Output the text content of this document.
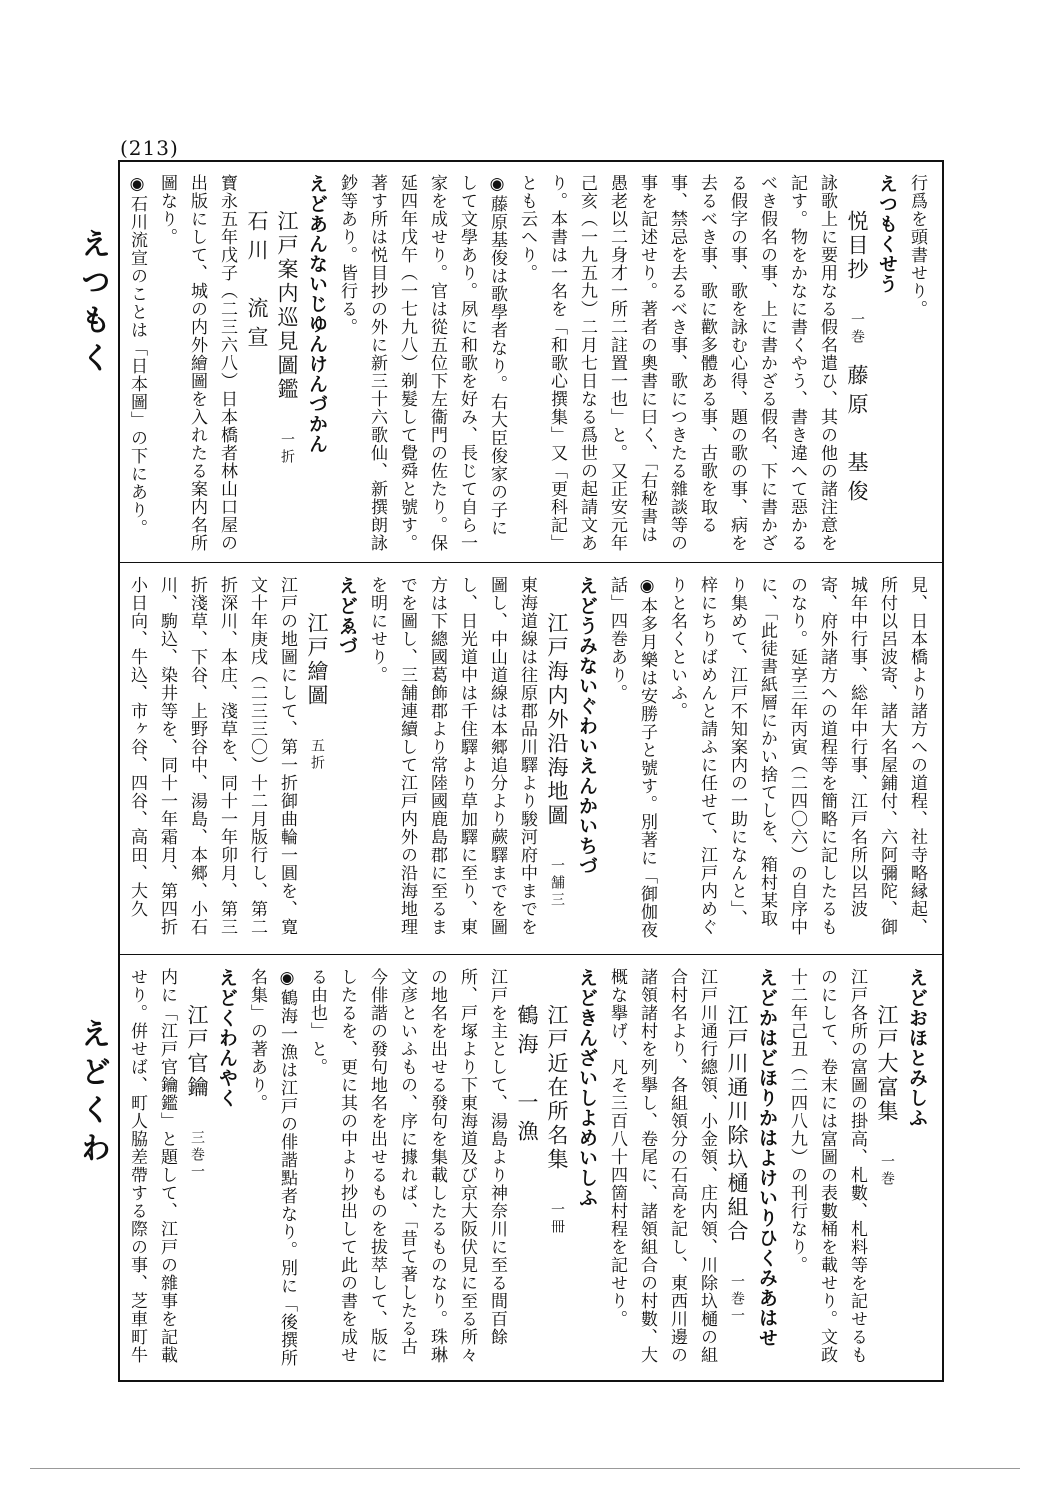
(213)
えつもく
えどくわ
行爲を頭書せり。
えつもくせう
悦目抄一巻藤原　基俊
詠歌上に要用なる假名遣ひ、其の他の諸注意を記す。物をかなに書くやう、書き違へて惡かるべき假名の事、上に書かざる假名、下に書かざる假字の事、歌を詠む心得、題の歌の事、病を去るべき事、歌に歡多體ある事、古歌を取る事、禁忌を去るべき事、歌につきたる雜談等の事を記述せり。著者の奧書に曰く、「右秘書は愚老以二身才一所二註置一也」と。又正安元年己亥（一九五九）二月七日なる爲世の起請文あり。本書は一名を「和歌心撰集」又「更科記」とも云へり。
◉藤原基俊は歌學者なり。右大臣俊家の子にして文學あり。夙に和歌を好み、長じて自ら一家を成せり。官は從五位下左衞門の佐たり。保延四年戊午（一七九八）剃髮して覺舜と號す。著す所は悦目抄の外に新三十六歌仙、新撰朗詠鈔等あり。皆行る。
えどあんないじゆんけんづかん
江戸案内巡見圖鑑一折石川　流宣
寶永五年戊子（二三六八）日本橋者林山口屋の出版にして、城の内外繪圖を入れたる案内名所圖なり。
◉石川流宣のことは「日本圖」の下にあり。
見、日本橋より諸方への道程、社寺略縁起、所付以呂波寄、諸大名屋鋪付、六阿彌陀、御城年中行事、総年中行事、江戸名所以呂波寄、府外諸方への道程等を簡略に記したるものなり。延享三年丙寅（二四〇六）の自序中に、「此徒書紙層にかい捨てしを、箱村某取り集めて、江戸不知案内の一助になんと」、梓にちりばめんと請ふに任せて、江戸内めぐりと名くといふ。
◉本多月樂は安勝子と號す。別著に「御伽夜話」四巻あり。
えどうみないぐわいえんかいちづ
江戸海内外沿海地圖一舗三
東海道線は往原郡品川驛より駿河府中までを圖し、中山道線は本郷追分より蕨驛までを圖し、日光道中は千住驛より草加驛に至り、東方は下總國葛飾郡より常陸國鹿島郡に至るまでを圖し、三舗連續して江戸内外の沿海地理を明にせり。
えどゑづ
江戸繪圖五折
江戸の地圖にして、第一折御曲輪一圓を、寛文十年庚戌（二三三〇）十二月版行し、第二折深川、本庄、淺草を、同十一年卯月、第三折淺草、下谷、上野谷中、湯島、本郷、小石川、駒込、染井等を、同十一年霜月、第四折小日向、牛込、市ヶ谷、四谷、高田、大久
えどおほとみしふ
江戸大富集一巻
江戸各所の富圖の掛高、札數、札料等を記せるものにして、卷末には富圖の表數桶を載せり。文政十二年己丑（二四八九）の刊行なり。
えどかはどほりかはよけいりひくみあはせ
江戸川通川除圦樋組合一巻一
江戸川通行總領、小金領、庄内領、川除圦樋の組合村名より、各組領分の石高を記し、東西川邊の諸領諸村を列擧し、卷尾に、諸領組合の村數、大概な擧げ、凡そ三百八十四箇村程を記せり。
えどきんざいしよめいしふ
江戸近在所名集一冊鶴海　一漁
江戸を主として、湯島より神奈川に至る間百餘所、戸塚より下東海道及び京大阪伏見に至る所々の地名を出せる發句を集載したるものなり。珠琳文彦といふもの、序に據れば、「昔て著したる古今俳諧の發句地名を出せるものを拔萃して、版にしたるを、更に其の中より抄出して此の書を成せる由也」と。
◉鶴海一漁は江戸の俳諧點者なり。別に「後撰所名集」の著あり。
えどくわんやく
江戸官鑰三巻一
内に「江戸官鑰鑑」と題して、江戸の雜事を記載せり。倂せば、町人脇差帶する際の事、芝車町牛
